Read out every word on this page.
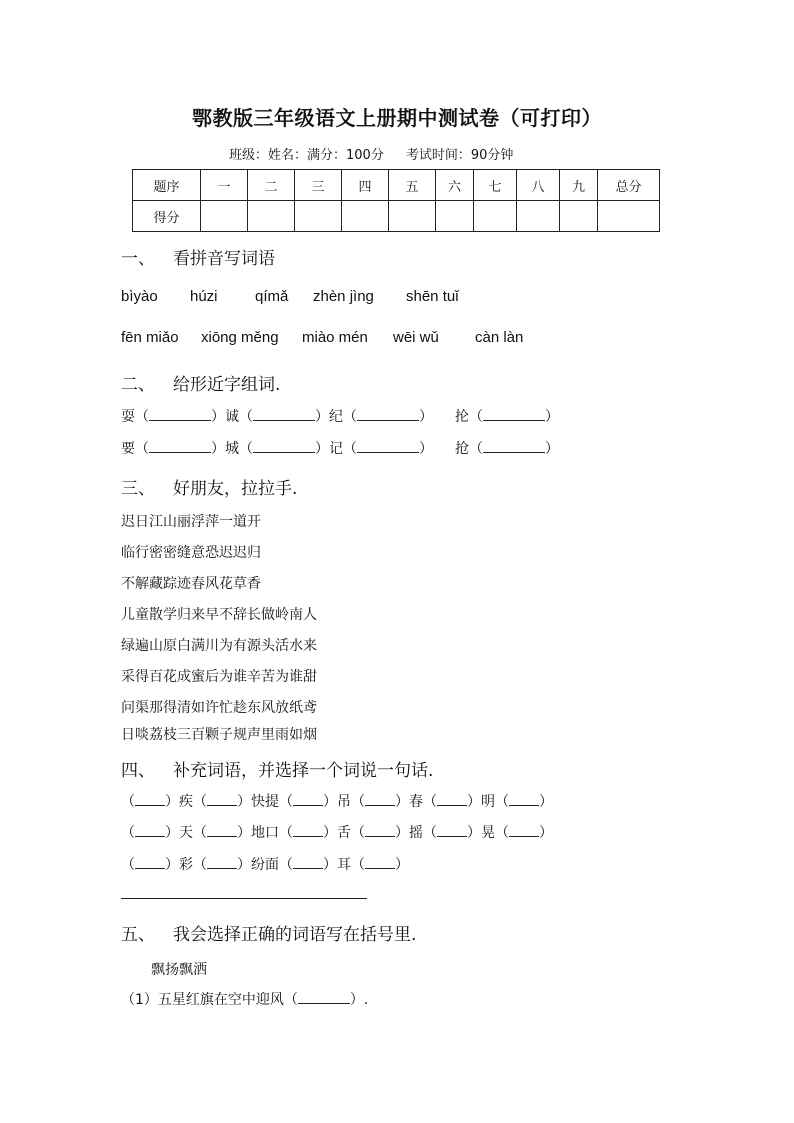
鄂教版三年级语文上册期中测试卷（可打印）
班级：姓名：满分：100分 考试时间：90分钟
题序	一	二	三	四	五	六	七	八	九	总分
得分										
一、 看拼音写词语
bìyào húzi qímǎ zhèn jìng shēn tuǐ
fēn miǎo xiōng měng miào mén wēi wǔ càn làn
二、 给形近字组词.
耍（	）诚（	）纪（	） 抡（	）
要（	）城（	）记（	） 抢（	）
三、 好朋友，拉拉手.
迟日江山丽浮萍一道开
临行密密缝意恐迟迟归
不解藏踪迹春风花草香
儿童散学归来早不辞长做岭南人
绿遍山原白满川为有源头活水来
采得百花成蜜后为谁辛苦为谁甜
问渠那得清如许忙趁东风放纸鸢
日啖荔枝三百颗子规声里雨如烟
四、 补充词语，并选择一个词说一句话.
（ ）疾（ ）快提（ ）吊（ ）春（ ）明（ ）
（ ）天（ ）地口（ ）舌（ ）摇（ ）晃（ ）
（ ）彩（ ）纷面（ ）耳（ ）
五、 我会选择正确的词语写在括号里.
飘扬飘洒
（1）五星红旗在空中迎风（	）.
